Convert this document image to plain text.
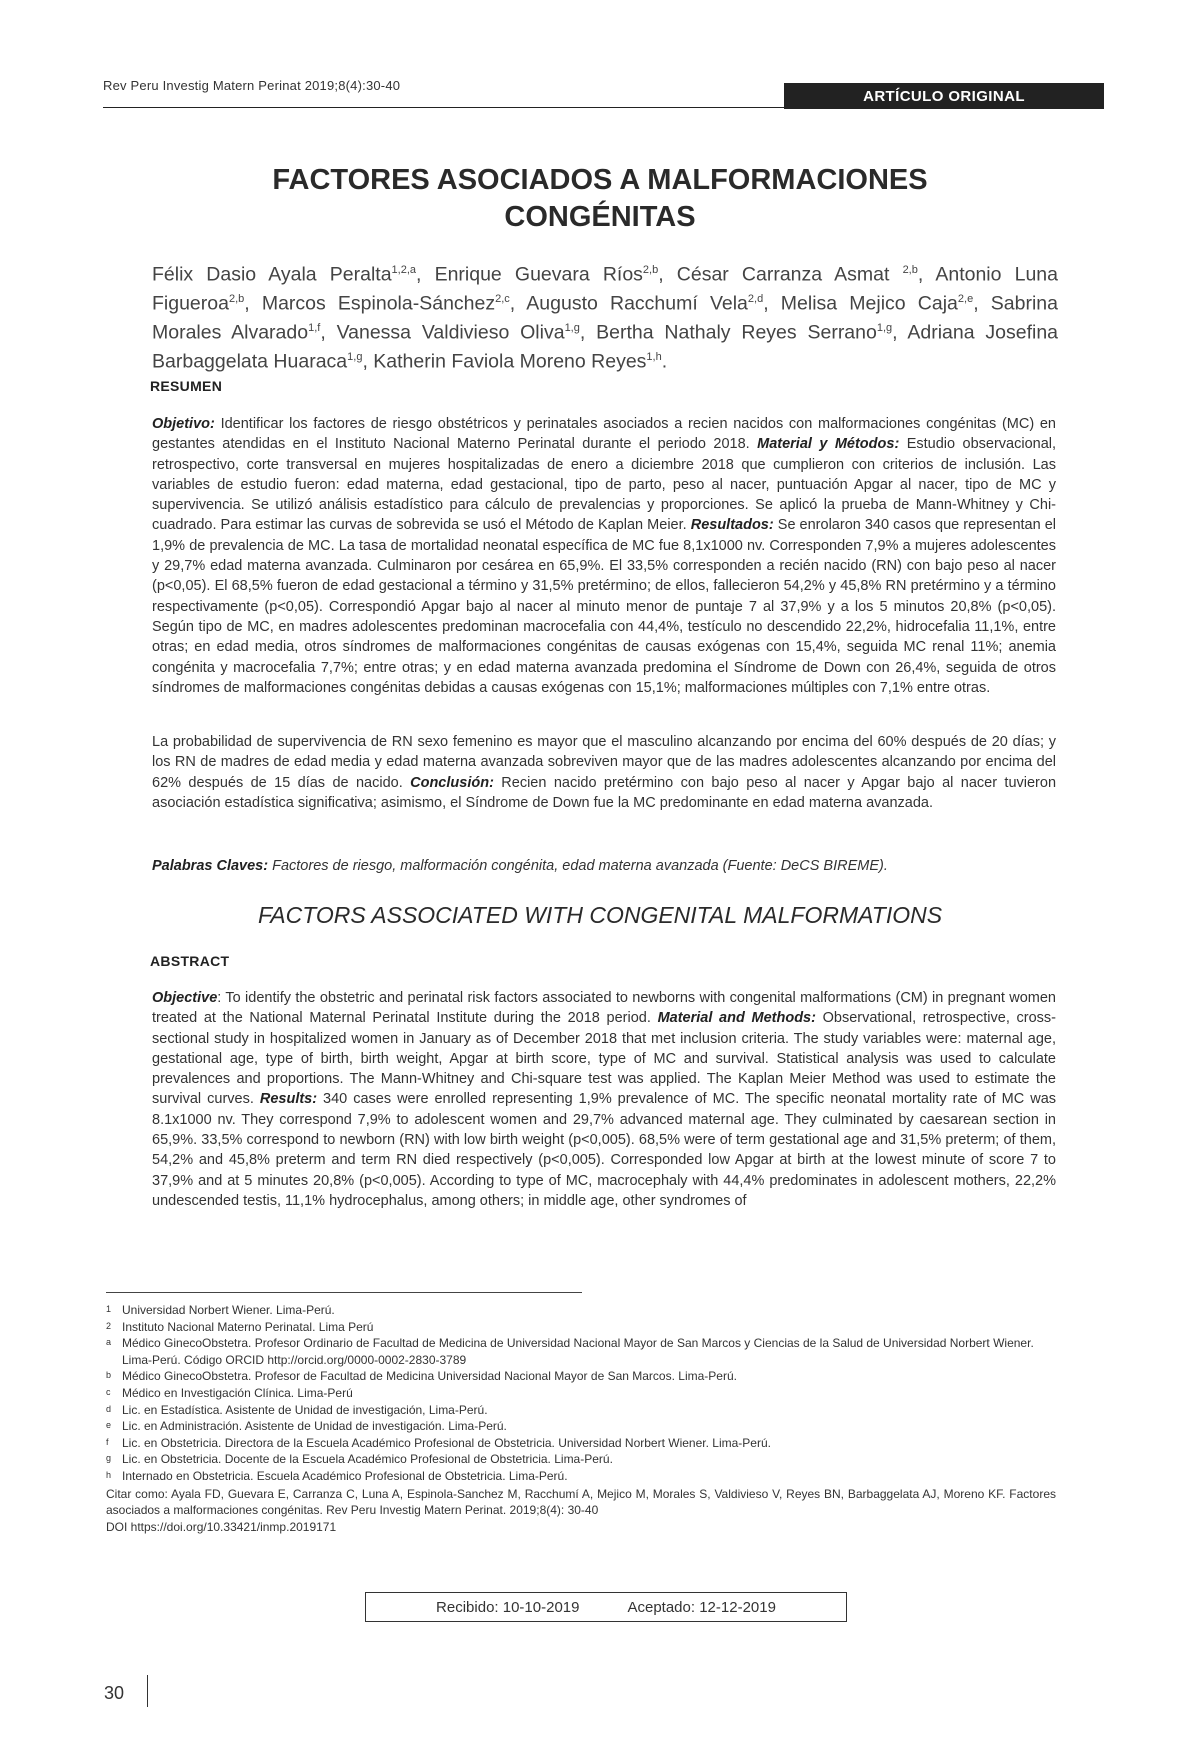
Rev Peru Investig Matern Perinat 2019;8(4):30-40
ARTÍCULO ORIGINAL
FACTORES ASOCIADOS A MALFORMACIONES
CONGÉNITAS
Félix Dasio Ayala Peralta$^{1,2,a}$, Enrique Guevara Ríos$^{2,b}$, César Carranza Asmat $^{2,b}$, Antonio Luna Figueroa$^{2,b}$, Marcos Espinola-Sánchez$^{2,c}$, Augusto Racchumí Vela$^{2,d}$, Melisa Mejico Caja$^{2,e}$, Sabrina Morales Alvarado$^{1,f}$, Vanessa Valdivieso Oliva$^{1,g}$, Bertha Nathaly Reyes Serrano$^{1,g}$, Adriana Josefina Barbaggelata Huaraca$^{1,g}$, Katherin Faviola Moreno Reyes$^{1,h}$.
RESUMEN
Objetivo: Identificar los factores de riesgo obstétricos y perinatales asociados a recien nacidos con malformaciones congénitas (MC) en gestantes atendidas en el Instituto Nacional Materno Perinatal durante el periodo 2018. Material y Métodos: Estudio observacional, retrospectivo, corte transversal en mujeres hospitalizadas de enero a diciembre 2018 que cumplieron con criterios de inclusión. Las variables de estudio fueron: edad materna, edad gestacional, tipo de parto, peso al nacer, puntuación Apgar al nacer, tipo de MC y supervivencia. Se utilizó análisis estadístico para cálculo de prevalencias y proporciones. Se aplicó la prueba de Mann-Whitney y Chi-cuadrado. Para estimar las curvas de sobrevida se usó el Método de Kaplan Meier. Resultados: Se enrolaron 340 casos que representan el 1,9% de prevalencia de MC. La tasa de mortalidad neonatal específica de MC fue 8,1x1000 nv. Corresponden 7,9% a mujeres adolescentes y 29,7% edad materna avanzada. Culminaron por cesárea en 65,9%. El 33,5% corresponden a recién nacido (RN) con bajo peso al nacer (p<0,05). El 68,5% fueron de edad gestacional a término y 31,5% pretérmino; de ellos, fallecieron 54,2% y 45,8% RN pretérmino y a término respectivamente (p<0,05). Correspondió Apgar bajo al nacer al minuto menor de puntaje 7 al 37,9% y a los 5 minutos 20,8% (p<0,05). Según tipo de MC, en madres adolescentes predominan macrocefalia con 44,4%, testículo no descendido 22,2%, hidrocefalia 11,1%, entre otras; en edad media, otros síndromes de malformaciones congénitas de causas exógenas con 15,4%, seguida MC renal 11%; anemia congénita y macrocefalia 7,7%; entre otras; y en edad materna avanzada predomina el Síndrome de Down con 26,4%, seguida de otros síndromes de malformaciones congénitas debidas a causas exógenas con 15,1%; malformaciones múltiples con 7,1% entre otras.
La probabilidad de supervivencia de RN sexo femenino es mayor que el masculino alcanzando por encima del 60% después de 20 días; y los RN de madres de edad media y edad materna avanzada sobreviven mayor que de las madres adolescentes alcanzando por encima del 62% después de 15 días de nacido. Conclusión: Recien nacido pretérmino con bajo peso al nacer y Apgar bajo al nacer tuvieron asociación estadística significativa; asimismo, el Síndrome de Down fue la MC predominante en edad materna avanzada.
Palabras Claves: Factores de riesgo, malformación congénita, edad materna avanzada (Fuente: DeCS BIREME).
FACTORS ASSOCIATED WITH CONGENITAL MALFORMATIONS
ABSTRACT
Objective: To identify the obstetric and perinatal risk factors associated to newborns with congenital malformations (CM) in pregnant women treated at the National Maternal Perinatal Institute during the 2018 period. Material and Methods: Observational, retrospective, cross-sectional study in hospitalized women in January as of December 2018 that met inclusion criteria. The study variables were: maternal age, gestational age, type of birth, birth weight, Apgar at birth score, type of MC and survival. Statistical analysis was used to calculate prevalences and proportions. The Mann-Whitney and Chi-square test was applied. The Kaplan Meier Method was used to estimate the survival curves. Results: 340 cases were enrolled representing 1,9% prevalence of MC. The specific neonatal mortality rate of MC was 8.1x1000 nv. They correspond 7,9% to adolescent women and 29,7% advanced maternal age. They culminated by caesarean section in 65,9%. 33,5% correspond to newborn (RN) with low birth weight (p<0,005). 68,5% were of term gestational age and 31,5% preterm; of them, 54,2% and 45,8% preterm and term RN died respectively (p<0,005). Corresponded low Apgar at birth at the lowest minute of score 7 to 37,9% and at 5 minutes 20,8% (p<0,005). According to type of MC, macrocephaly with 44,4% predominates in adolescent mothers, 22,2% undescended testis, 11,1% hydrocephalus, among others; in middle age, other syndromes of
1 Universidad Norbert Wiener. Lima-Perú.
2 Instituto Nacional Materno Perinatal. Lima Perú
a Médico GinecoObstetra. Profesor Ordinario de Facultad de Medicina de Universidad Nacional Mayor de San Marcos y Ciencias de la Salud de Universidad Norbert Wiener. Lima-Perú. Código ORCID http://orcid.org/0000-0002-2830-3789
b Médico GinecoObstetra. Profesor de Facultad de Medicina Universidad Nacional Mayor de San Marcos. Lima-Perú.
c Médico en Investigación Clínica. Lima-Perú
d Lic. en Estadística. Asistente de Unidad de investigación, Lima-Perú.
e Lic. en Administración. Asistente de Unidad de investigación. Lima-Perú.
f	Lic. en Obstetricia. Directora de la Escuela Académico Profesional de Obstetricia. Universidad Norbert Wiener. Lima-Perú.
g Lic. en Obstetricia. Docente de la Escuela Académico Profesional de Obstetricia. Lima-Perú.
h Internado en Obstetricia. Escuela Académico Profesional de Obstetricia. Lima-Perú.
Citar como: Ayala FD, Guevara E, Carranza C, Luna A, Espinola-Sanchez M, Racchumí A, Mejico M, Morales S, Valdivieso V, Reyes BN, Barbaggelata AJ, Moreno KF. Factores asociados a malformaciones congénitas. Rev Peru Investig Matern Perinat. 2019;8(4): 30-40
DOI https://doi.org/10.33421/inmp.2019171
Recibido: 10-10-2019	Aceptado: 12-12-2019
30
